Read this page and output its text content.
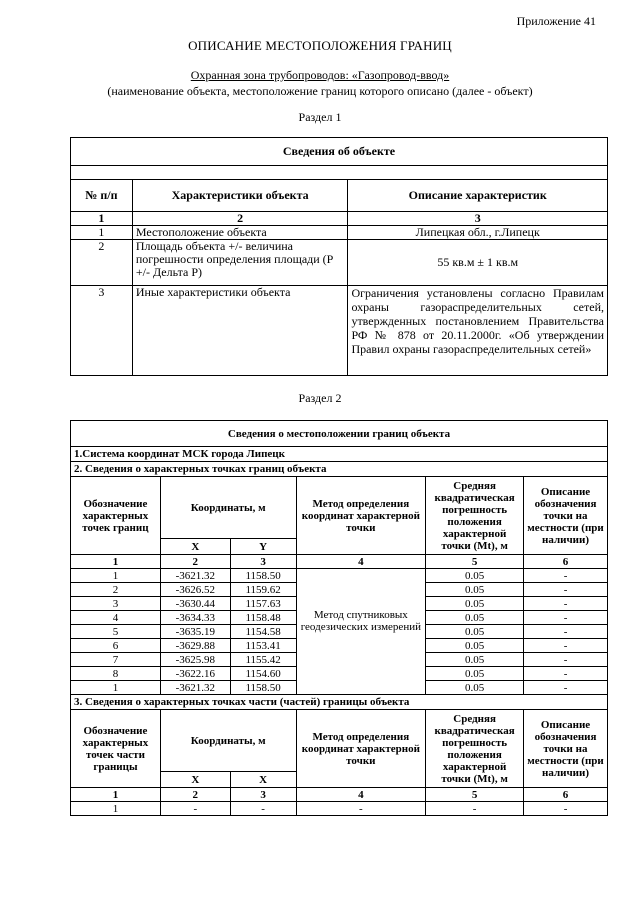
Приложение 41
ОПИСАНИЕ МЕСТОПОЛОЖЕНИЯ ГРАНИЦ
Охранная зона трубопроводов: «Газопровод-ввод»
(наименование объекта, местоположение границ которого описано (далее - объект)
Раздел 1
Сведения об объекте		

№ п/п	Характеристики объекта	Описание характеристик
1	2	3
1	Местоположение объекта	Липецкая обл., г.Липецк
2	Площадь объекта +/- величина погрешности определения площади (Р +/- Дельта Р)	55 кв.м ± 1 кв.м
3	Иные характеристики объекта	Ограничения установлены согласно Правилам охраны газораспределительных сетей, утвержденных постановлением Правительства РФ № 878 от 20.11.2000г. «Об утверждении Правил охраны газораспределительных сетей»
Раздел 2
Сведения о местоположении границ объекта					
1.Система координат МСК города Липецк					
2. Сведения о характерных точках границ объекта					
Обозначение характерных точек границ	Координаты, м		Метод определения координат характерной точки	Средняя квадратическая погрешность положения характерной точки (Mt), м	Описание обозначения точки на местности (при наличии)
	X	Y			
1	2	3	4	5	6
1	-3621.32	1158.50	Метод спутниковых геодезических измерений	0.05	-
2	-3626.52	1159.62		0.05	-
3	-3630.44	1157.63		0.05	-
4	-3634.33	1158.48		0.05	-
5	-3635.19	1154.58		0.05	-
6	-3629.88	1153.41		0.05	-
7	-3625.98	1155.42		0.05	-
8	-3622.16	1154.60		0.05	-
1	-3621.32	1158.50		0.05	-
3. Сведения о характерных точках части (частей) границы объекта					
Обозначение характерных точек части границы	Координаты, м		Метод определения координат характерной точки	Средняя квадратическая погрешность положения характерной точки (Mt), м	Описание обозначения точки на местности (при наличии)
	X	X			
1	2	3	4	5	6
1	-	-	-	-	-
